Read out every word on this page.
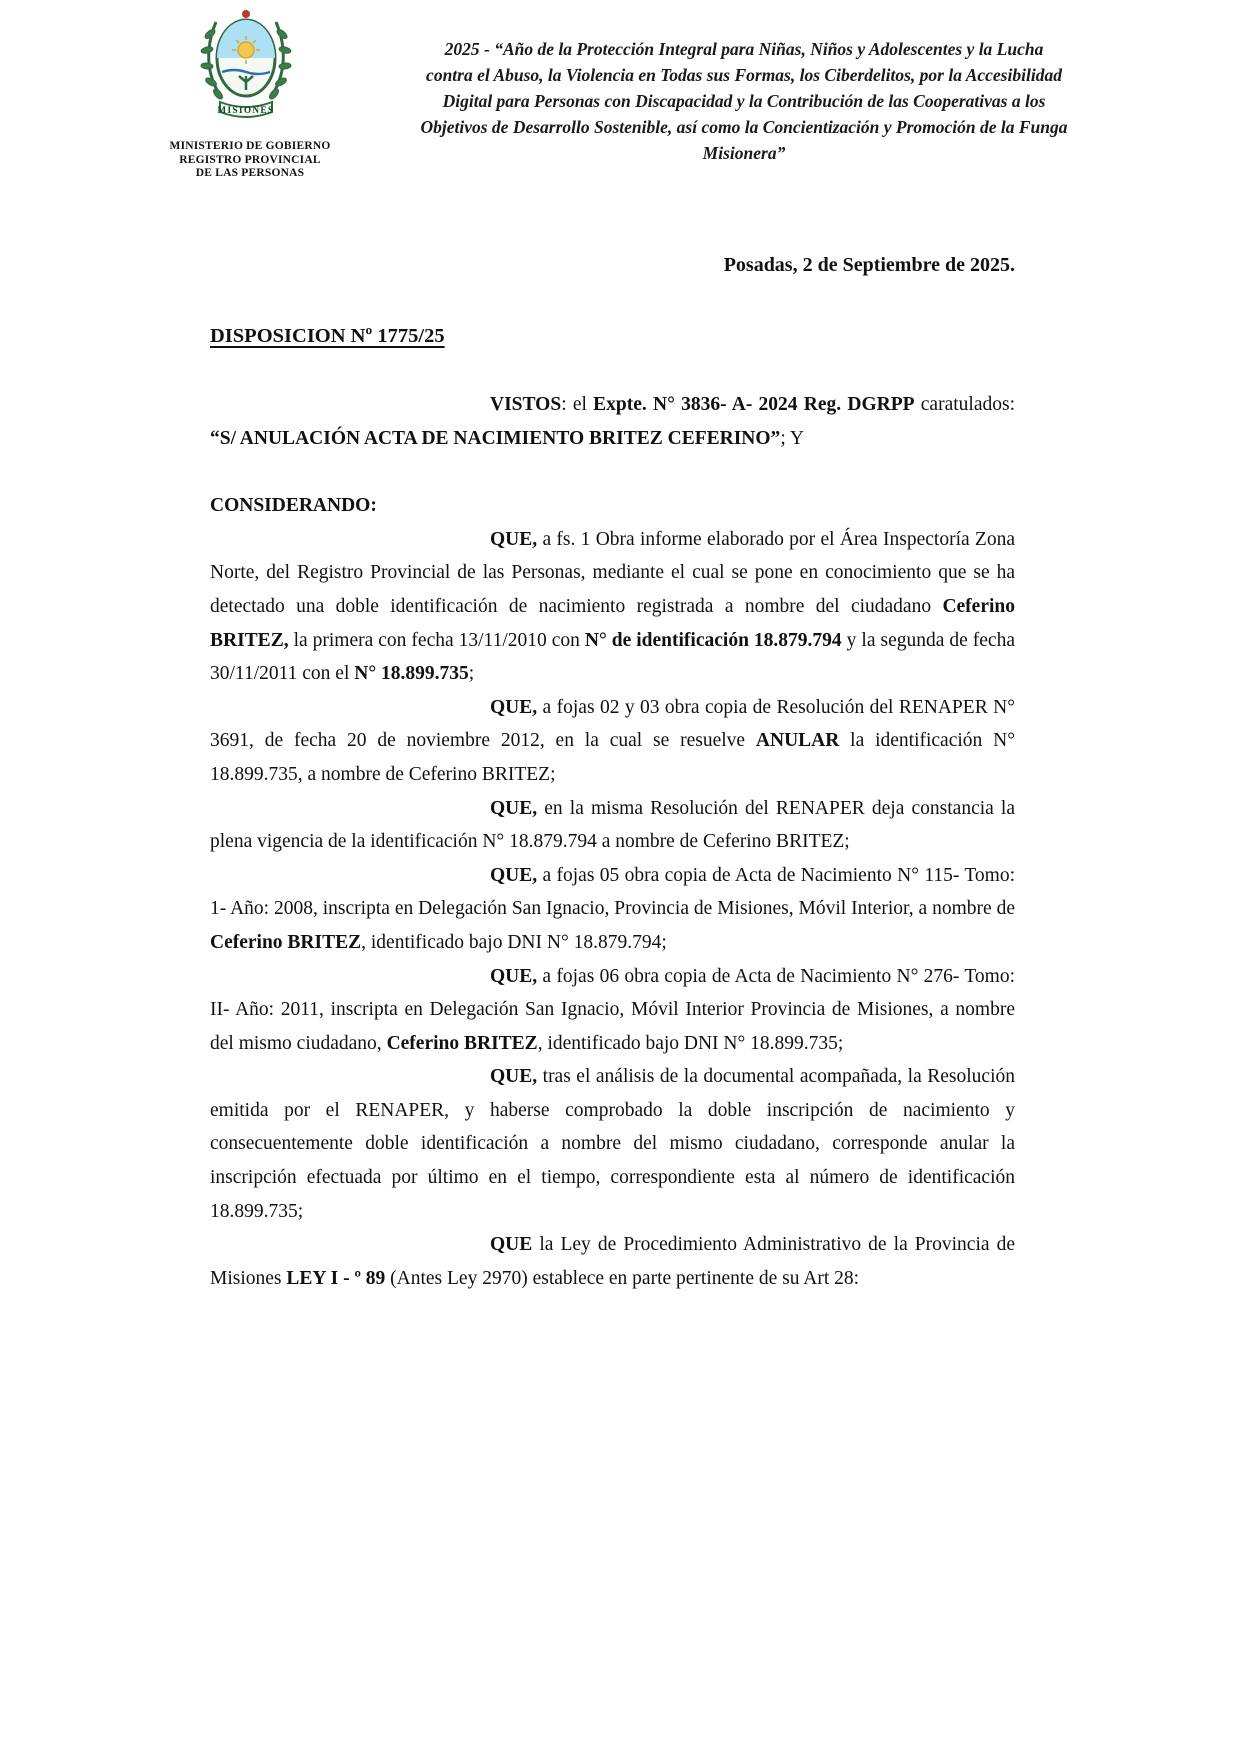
MISIONES
MINISTERIO DE GOBIERNO
REGISTRO PROVINCIAL
DE LAS PERSONAS
2025 - “Año de la Protección Integral para Niñas, Niños y Adolescentes y la Lucha contra el Abuso, la Violencia en Todas sus Formas, los Ciberdelitos, por la Accesibilidad Digital para Personas con Discapacidad y la Contribución de las Cooperativas a los Objetivos de Desarrollo Sostenible, así como la Concientización y Promoción de la Funga Misionera”
Posadas, 2 de Septiembre de 2025.
DISPOSICION Nº 1775/25

VISTOS: el Expte. N° 3836- A- 2024 Reg. DGRPP caratulados: “S/ ANULACIÓN ACTA DE NACIMIENTO BRITEZ CEFERINO”; Y

CONSIDERANDO:

QUE, a fs. 1 Obra informe elaborado por el Área Inspectoría Zona Norte, del Registro Provincial de las Personas, mediante el cual se pone en conocimiento que se ha detectado una doble identificación de nacimiento registrada a nombre del ciudadano Ceferino BRITEZ, la primera con fecha 13/11/2010 con N° de identificación 18.879.794 y la segunda de fecha 30/11/2011 con el N° 18.899.735;

QUE, a fojas 02 y 03 obra copia de Resolución del RENAPER N° 3691, de fecha 20 de noviembre 2012, en la cual se resuelve ANULAR la identificación N° 18.899.735, a nombre de Ceferino BRITEZ;

QUE, en la misma Resolución del RENAPER deja constancia la plena vigencia de la identificación N° 18.879.794 a nombre de Ceferino BRITEZ;

QUE, a fojas 05 obra copia de Acta de Nacimiento N° 115- Tomo: 1- Año: 2008, inscripta en Delegación San Ignacio, Provincia de Misiones, Móvil Interior, a nombre de Ceferino BRITEZ, identificado bajo DNI N° 18.879.794;

QUE, a fojas 06 obra copia de Acta de Nacimiento N° 276- Tomo: II- Año: 2011, inscripta en Delegación San Ignacio, Móvil Interior Provincia de Misiones, a nombre del mismo ciudadano, Ceferino BRITEZ, identificado bajo DNI N° 18.899.735;

QUE, tras el análisis de la documental acompañada, la Resolución emitida por el RENAPER, y haberse comprobado la doble inscripción de nacimiento y consecuentemente doble identificación a nombre del mismo ciudadano, corresponde anular la inscripción efectuada por último en el tiempo, correspondiente esta al número de identificación 18.899.735;

QUE la Ley de Procedimiento Administrativo de la Provincia de Misiones LEY I - º 89 (Antes Ley 2970) establece en parte pertinente de su Art 28:
